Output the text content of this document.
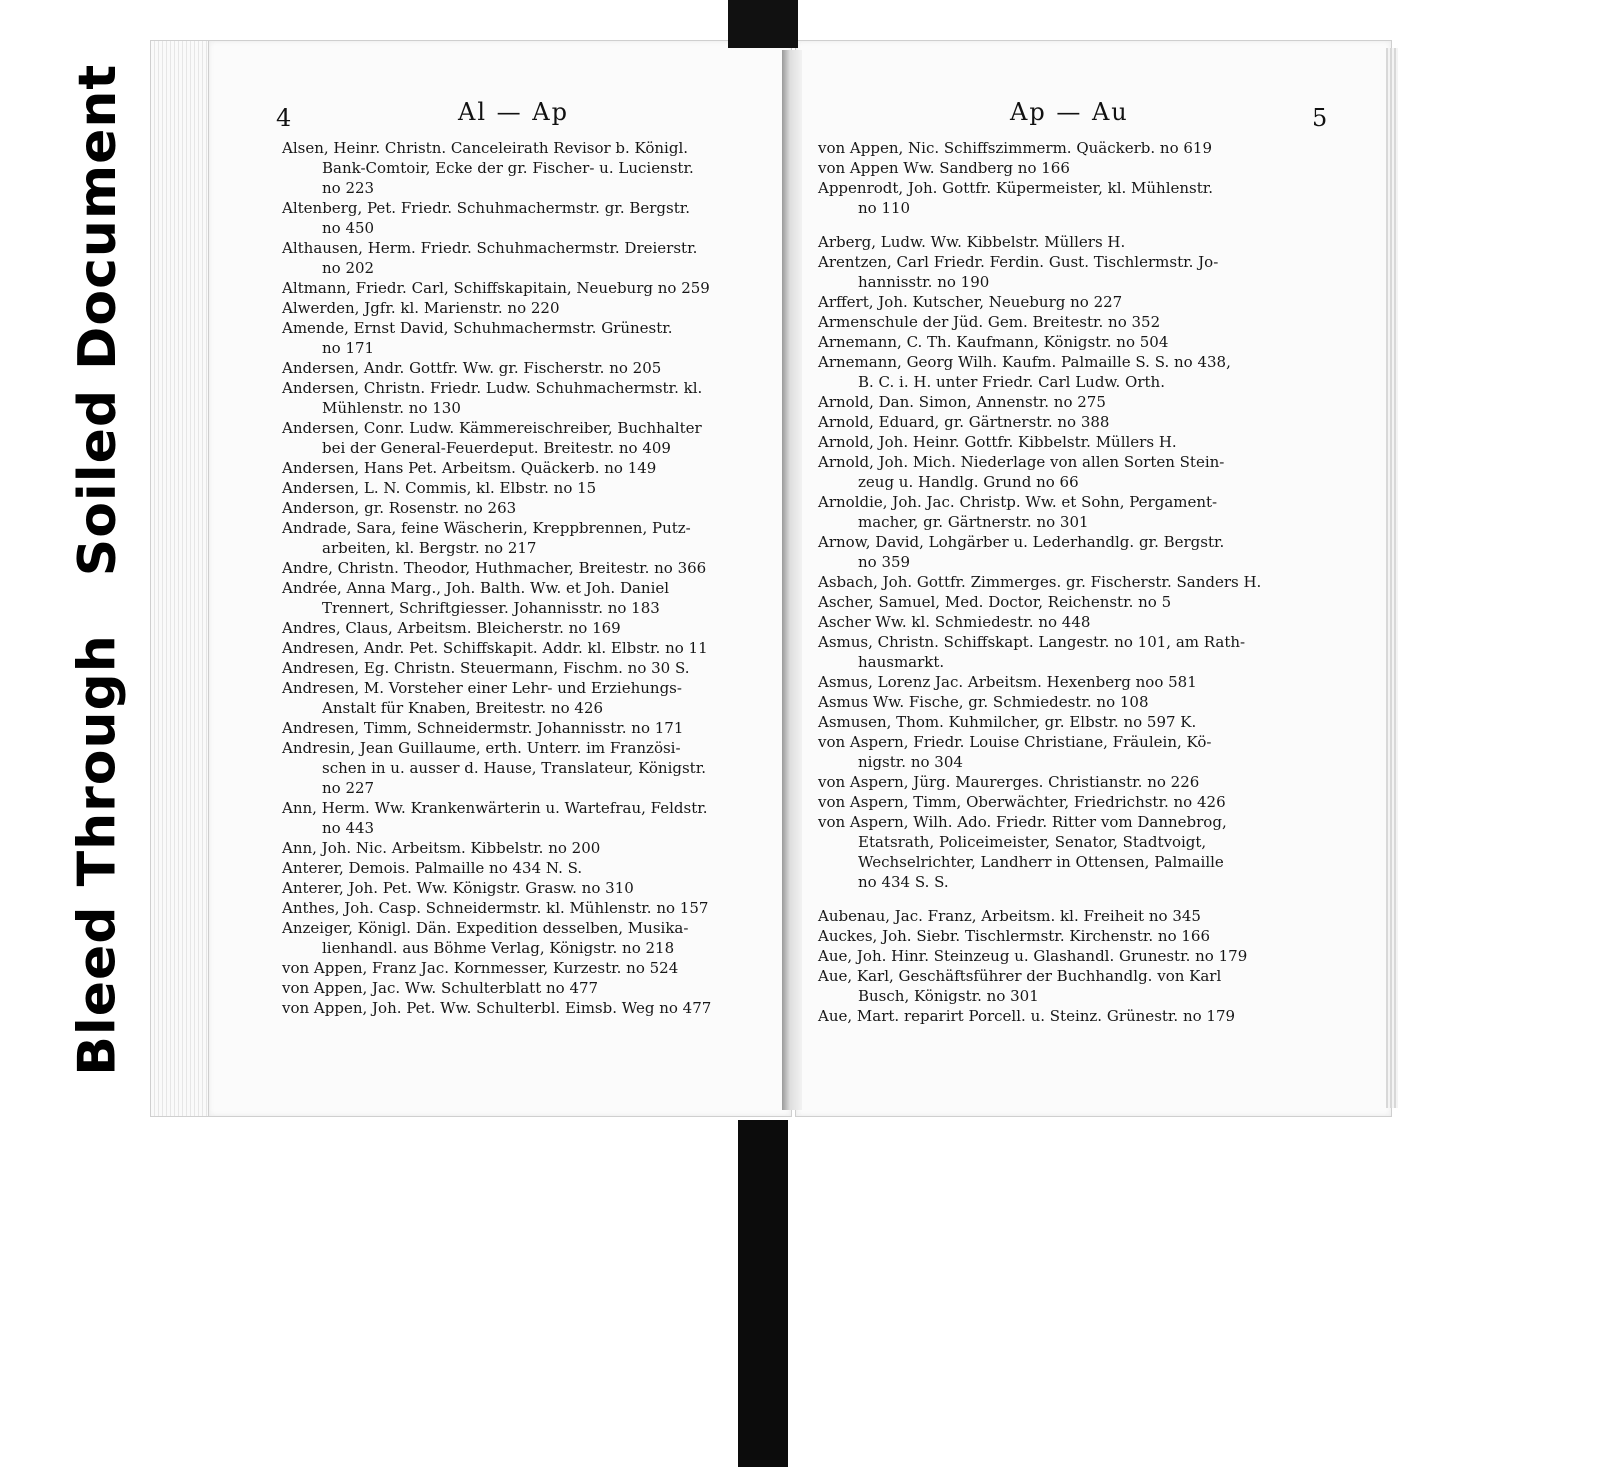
Soiled Document
Bleed Through
4	Al — Ap	Ap — Au	5

Alsen, Heinr. Christn. Canceleirath Revisor b. Königl.
Bank-Comtoir, Ecke der gr. Fischer- u. Lucienstr.
no 223

Altenberg, Pet. Friedr. Schuhmachermstr. gr. Bergstr.
no 450

Althausen, Herm. Friedr. Schuhmachermstr. Dreierstr.
no 202

Altmann, Friedr. Carl, Schiffskapitain, Neueburg no 259

Alwerden, Jgfr. kl. Marienstr. no 220

Amende, Ernst David, Schuhmachermstr. Grünestr.
no 171

Andersen, Andr. Gottfr. Ww. gr. Fischerstr. no 205

Andersen, Christn. Friedr. Ludw. Schuhmachermstr. kl.
Mühlenstr. no 130

Andersen, Conr. Ludw. Kämmereischreiber, Buchhalter
bei der General-Feuerdeput. Breitestr. no 409

Andersen, Hans Pet. Arbeitsm. Quäckerb. no 149

Andersen, L. N. Commis, kl. Elbstr. no 15

Anderson, gr. Rosenstr. no 263

Andrade, Sara, feine Wäscherin, Kreppbrennen, Putz-
arbeiten, kl. Bergstr. no 217

Andre, Christn. Theodor, Huthmacher, Breitestr. no 366

Andrée, Anna Marg., Joh. Balth. Ww. et Joh. Daniel
Trennert, Schriftgiesser. Johannisstr. no 183

Andres, Claus, Arbeitsm. Bleicherstr. no 169

Andresen, Andr. Pet. Schiffskapit. Addr. kl. Elbstr. no 11

Andresen, Eg. Christn. Steuermann, Fischm. no 30 S.

Andresen, M. Vorsteher einer Lehr- und Erziehungs-
Anstalt für Knaben, Breitestr. no 426

Andresen, Timm, Schneidermstr. Johannisstr. no 171

Andresin, Jean Guillaume, erth. Unterr. im Französi-
schen in u. ausser d. Hause, Translateur, Königstr.
no 227

Ann, Herm. Ww. Krankenwärterin u. Wartefrau, Feldstr.
no 443

Ann, Joh. Nic. Arbeitsm. Kibbelstr. no 200

Anterer, Demois. Palmaille no 434 N. S.

Anterer, Joh. Pet. Ww. Königstr. Grasw. no 310

Anthes, Joh. Casp. Schneidermstr. kl. Mühlenstr. no 157

Anzeiger, Königl. Dän. Expedition desselben, Musika-
lienhandl. aus Böhme Verlag, Königstr. no 218

von Appen, Franz Jac. Kornmesser, Kurzestr. no 524

von Appen, Jac. Ww. Schulterblatt no 477

von Appen, Joh. Pet. Ww. Schulterbl. Eimsb. Weg no 477

von Appen, Nic. Schiffszimmerm. Quäckerb. no 619

von Appen Ww. Sandberg no 166

Appenrodt, Joh. Gottfr. Küpermeister, kl. Mühlenstr.
no 110

Arberg, Ludw. Ww. Kibbelstr. Müllers H.

Arentzen, Carl Friedr. Ferdin. Gust. Tischlermstr. Jo-
hannisstr. no 190

Arffert, Joh. Kutscher, Neueburg no 227

Armenschule der Jüd. Gem. Breitestr. no 352

Arnemann, C. Th. Kaufmann, Königstr. no 504

Arnemann, Georg Wilh. Kaufm. Palmaille S. S. no 438,
B. C. i. H. unter Friedr. Carl Ludw. Orth.

Arnold, Dan. Simon, Annenstr. no 275

Arnold, Eduard, gr. Gärtnerstr. no 388

Arnold, Joh. Heinr. Gottfr. Kibbelstr. Müllers H.

Arnold, Joh. Mich. Niederlage von allen Sorten Stein-
zeug u. Handlg. Grund no 66

Arnoldie, Joh. Jac. Christp. Ww. et Sohn, Pergament-
macher, gr. Gärtnerstr. no 301

Arnow, David, Lohgärber u. Lederhandlg. gr. Bergstr.
no 359

Asbach, Joh. Gottfr. Zimmerges. gr. Fischerstr. Sanders H.

Ascher, Samuel, Med. Doctor, Reichenstr. no 5

Ascher Ww. kl. Schmiedestr. no 448

Asmus, Christn. Schiffskapt. Langestr. no 101, am Rath-
hausmarkt.

Asmus, Lorenz Jac. Arbeitsm. Hexenberg noo 581

Asmus Ww. Fische, gr. Schmiedestr. no 108

Asmusen, Thom. Kuhmilcher, gr. Elbstr. no 597 K.

von Aspern, Friedr. Louise Christiane, Fräulein, Kö-
nigstr. no 304

von Aspern, Jürg. Maurerges. Christianstr. no 226

von Aspern, Timm, Oberwächter, Friedrichstr. no 426

von Aspern, Wilh. Ado. Friedr. Ritter vom Dannebrog,
Etatsrath, Policeimeister, Senator, Stadtvoigt,
Wechselrichter, Landherr in Ottensen, Palmaille
no 434 S. S.

Aubenau, Jac. Franz, Arbeitsm. kl. Freiheit no 345

Auckes, Joh. Siebr. Tischlermstr. Kirchenstr. no 166

Aue, Joh. Hinr. Steinzeug u. Glashandl. Grunestr. no 179

Aue, Karl, Geschäftsführer der Buchhandlg. von Karl
Busch, Königstr. no 301

Aue, Mart. reparirt Porcell. u. Steinz. Grünestr. no 179
